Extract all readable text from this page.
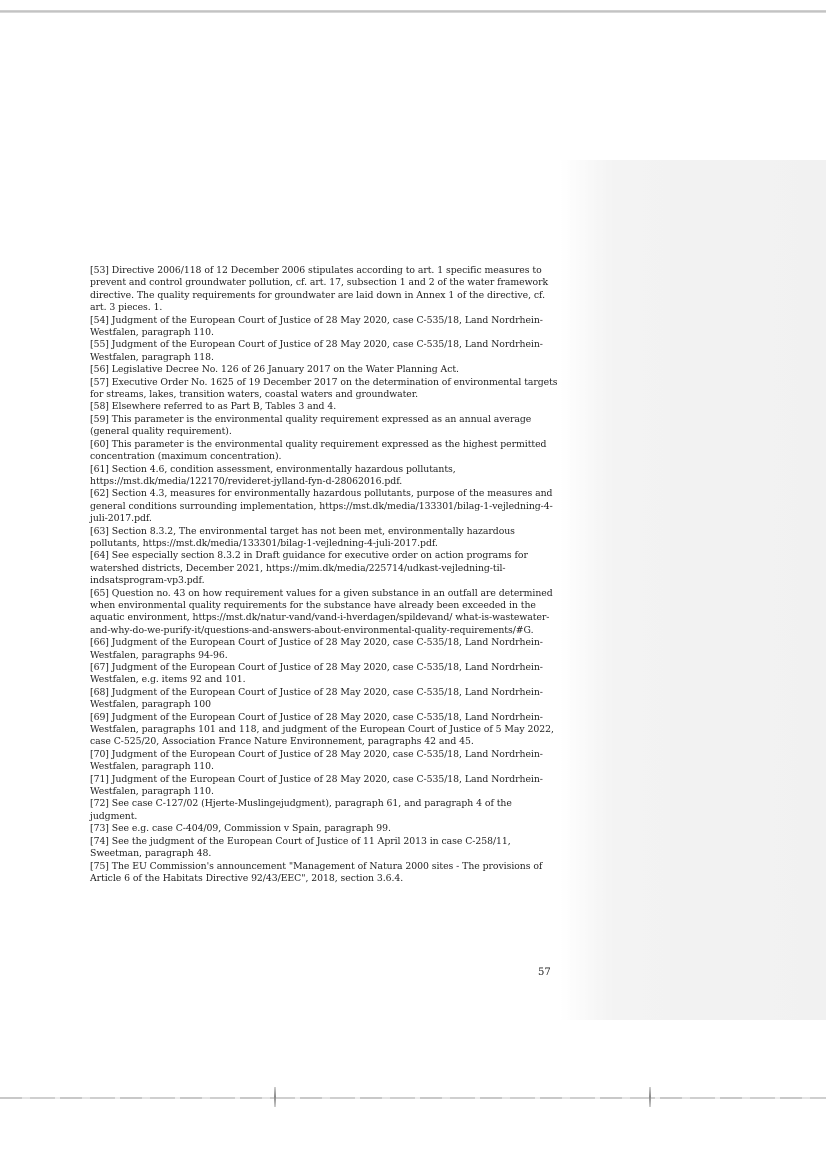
[53] Directive 2006/118 of 12 December 2006 stipulates according to art. 1 specific measures to prevent and control groundwater pollution, cf. art. 17, subsection 1 and 2 of the water framework directive. The quality requirements for groundwater are laid down in Annex 1 of the directive, cf. art. 3 pieces. 1.

[54] Judgment of the European Court of Justice of 28 May 2020, case C-535/18, Land Nordrhein-Westfalen, paragraph 110.

[55] Judgment of the European Court of Justice of 28 May 2020, case C-535/18, Land Nordrhein-Westfalen, paragraph 118.

[56] Legislative Decree No. 126 of 26 January 2017 on the Water Planning Act.

[57] Executive Order No. 1625 of 19 December 2017 on the determination of environmental targets for streams, lakes, transition waters, coastal waters and groundwater.

[58] Elsewhere referred to as Part B, Tables 3 and 4.

[59] This parameter is the environmental quality requirement expressed as an annual average (general quality requirement).

[60] This parameter is the environmental quality requirement expressed as the highest permitted concentration (maximum concentration).

[61] Section 4.6, condition assessment, environmentally hazardous pollutants, https://mst.dk/media/122170/revideret-jylland-fyn-d-28062016.pdf.

[62] Section 4.3, measures for environmentally hazardous pollutants, purpose of the measures and general conditions surrounding implementation, https://mst.dk/media/133301/bilag-1-vejledning-4-juli-2017.pdf.

[63] Section 8.3.2, The environmental target has not been met, environmentally hazardous pollutants, https://mst.dk/media/133301/bilag-1-vejledning-4-juli-2017.pdf.

[64] See especially section 8.3.2 in Draft guidance for executive order on action programs for watershed districts, December 2021, https://mim.dk/media/225714/udkast-vejledning-til-indsatsprogram-vp3.pdf.

[65] Question no. 43 on how requirement values for a given substance in an outfall are determined when environmental quality requirements for the substance have already been exceeded in the aquatic environment, https://mst.dk/natur-vand/vand-i-hverdagen/spildevand/ what-is-wastewater-and-why-do-we-purify-it/questions-and-answers-about-environmental-quality-requirements/#G.

[66] Judgment of the European Court of Justice of 28 May 2020, case C-535/18, Land Nordrhein-Westfalen, paragraphs 94-96.

[67] Judgment of the European Court of Justice of 28 May 2020, case C-535/18, Land Nordrhein-Westfalen, e.g. items 92 and 101.

[68] Judgment of the European Court of Justice of 28 May 2020, case C-535/18, Land Nordrhein-Westfalen, paragraph 100

[69] Judgment of the European Court of Justice of 28 May 2020, case C-535/18, Land Nordrhein-Westfalen, paragraphs 101 and 118, and judgment of the European Court of Justice of 5 May 2022, case C-525/20, Association France Nature Environnement, paragraphs 42 and 45.

[70] Judgment of the European Court of Justice of 28 May 2020, case C-535/18, Land Nordrhein-Westfalen, paragraph 110.

[71] Judgment of the European Court of Justice of 28 May 2020, case C-535/18, Land Nordrhein-Westfalen, paragraph 110.

[72] See case C-127/02 (Hjerte-Muslingejudgment), paragraph 61, and paragraph 4 of the judgment.

[73] See e.g. case C-404/09, Commission v Spain, paragraph 99.

[74] See the judgment of the European Court of Justice of 11 April 2013 in case C-258/11, Sweetman, paragraph 48.

[75] The EU Commission's announcement "Management of Natura 2000 sites - The provisions of Article 6 of the Habitats Directive 92/43/EEC", 2018, section 3.6.4.

57
